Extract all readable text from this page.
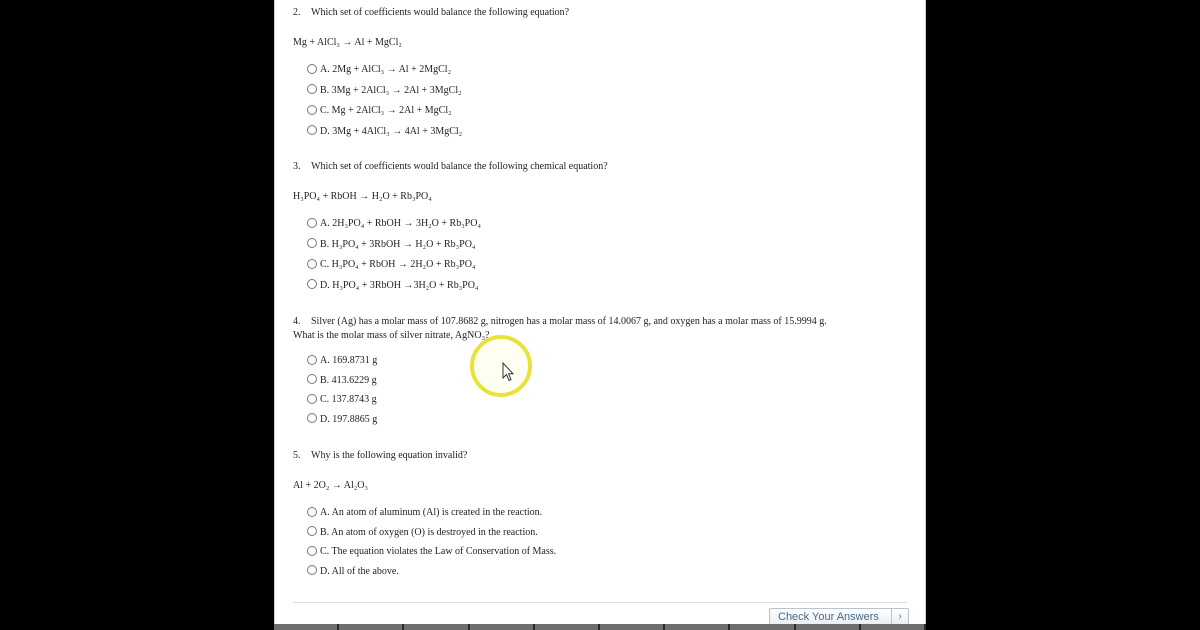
2. Which set of coefficients would balance the following equation?
Mg + AlCl₃ → Al + MgCl₂
A. 2Mg + AlCl₃ → Al + 2MgCl₂
B. 3Mg + 2AlCl₃ → 2Al + 3MgCl₂
C. Mg + 2AlCl₃ → 2Al + MgCl₂
D. 3Mg + 4AlCl₃ → 4Al + 3MgCl₂
3. Which set of coefficients would balance the following chemical equation?
H₃PO₄ + RbOH → H₂O + Rb₃PO₄
A. 2H₃PO₄ + RbOH → 3H₂O + Rb₃PO₄
B. H₃PO₄ + 3RbOH → H₂O + Rb₃PO₄
C. H₃PO₄ + RbOH → 2H₂O + Rb₃PO₄
D. H₃PO₄ + 3RbOH →3H₂O + Rb₃PO₄
4. Silver (Ag) has a molar mass of 107.8682 g, nitrogen has a molar mass of 14.0067 g, and oxygen has a molar mass of 15.9994 g.
What is the molar mass of silver nitrate, AgNO₃?
A. 169.8731 g
B. 413.6229 g
C. 137.8743 g
D. 197.8865 g
5. Why is the following equation invalid?
Al + 2O₂ → Al₂O₃
A. An atom of aluminum (Al) is created in the reaction.
B. An atom of oxygen (O) is destroyed in the reaction.
C. The equation violates the Law of Conservation of Mass.
D. All of the above.
Check Your Answers	›
